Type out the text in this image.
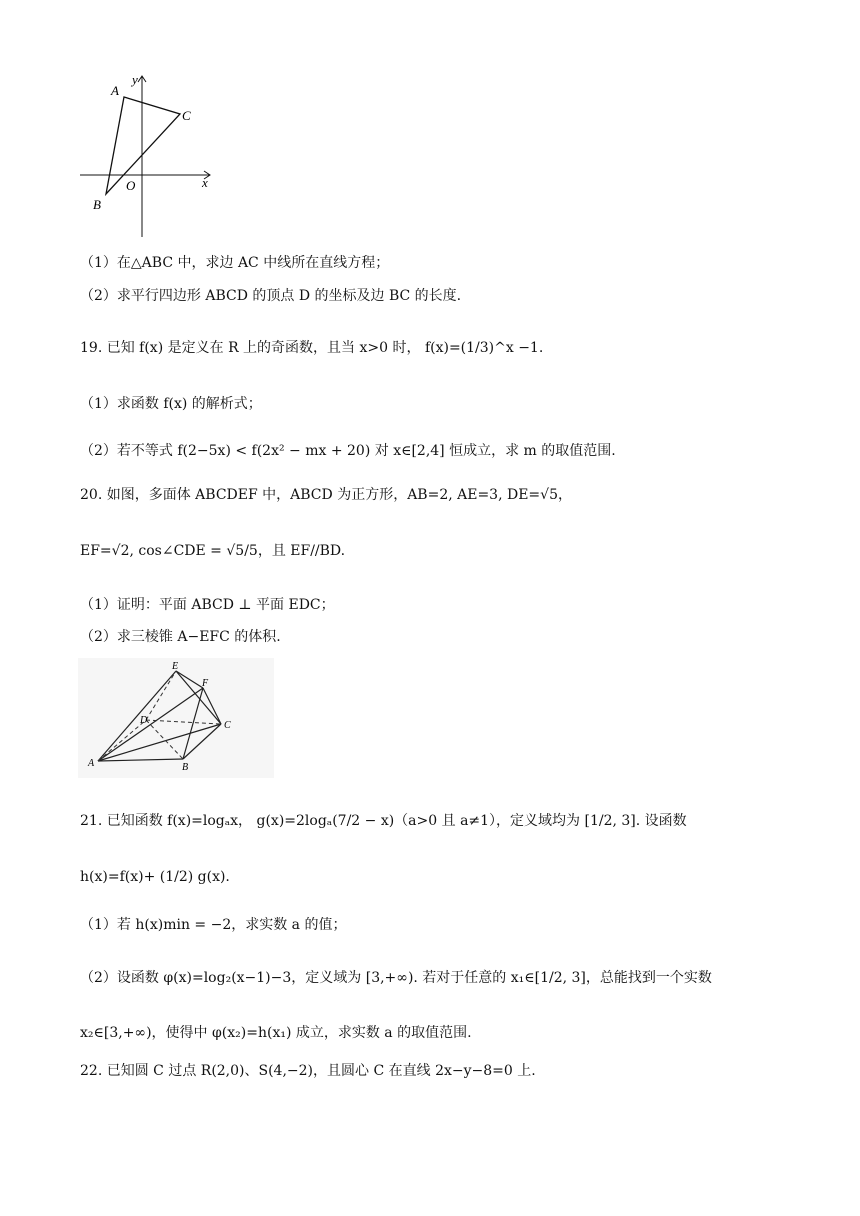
A
y
C
O	x
B
（1）在△ABC 中，求边 AC 中线所在直线方程；
（2）求平行四边形 ABCD 的顶点 D 的坐标及边 BC 的长度.
19. 已知 f(x) 是定义在 R 上的奇函数，且当 x>0 时， f(x)=(1/3)^x −1.
（1）求函数 f(x) 的解析式；
（2）若不等式 f(2−5x) < f(2x² − mx + 20) 对 x∈[2,4] 恒成立，求 m 的取值范围.
20. 如图，多面体 ABCDEF 中，ABCD 为正方形，AB=2, AE=3, DE=√5，
EF=√2, cos∠CDE = √5/5，且 EF//BD.
（1）证明：平面 ABCD ⊥ 平面 EDC；
（2）求三棱锥 A−EFC 的体积.
E
F
D	C
A	B
21. 已知函数 f(x)=logₐx， g(x)=2logₐ(7/2 − x)（a>0 且 a≠1），定义域均为 [1/2, 3]. 设函数
h(x)=f(x)+ (1/2) g(x).
（1）若 h(x)min = −2，求实数 a 的值；
（2）设函数 φ(x)=log₂(x−1)−3，定义域为 [3,+∞). 若对于任意的 x₁∈[1/2, 3]，总能找到一个实数
x₂∈[3,+∞)，使得中 φ(x₂)=h(x₁) 成立，求实数 a 的取值范围.
22. 已知圆 C 过点 R(2,0)、S(4,−2)，且圆心 C 在直线 2x−y−8=0 上.
